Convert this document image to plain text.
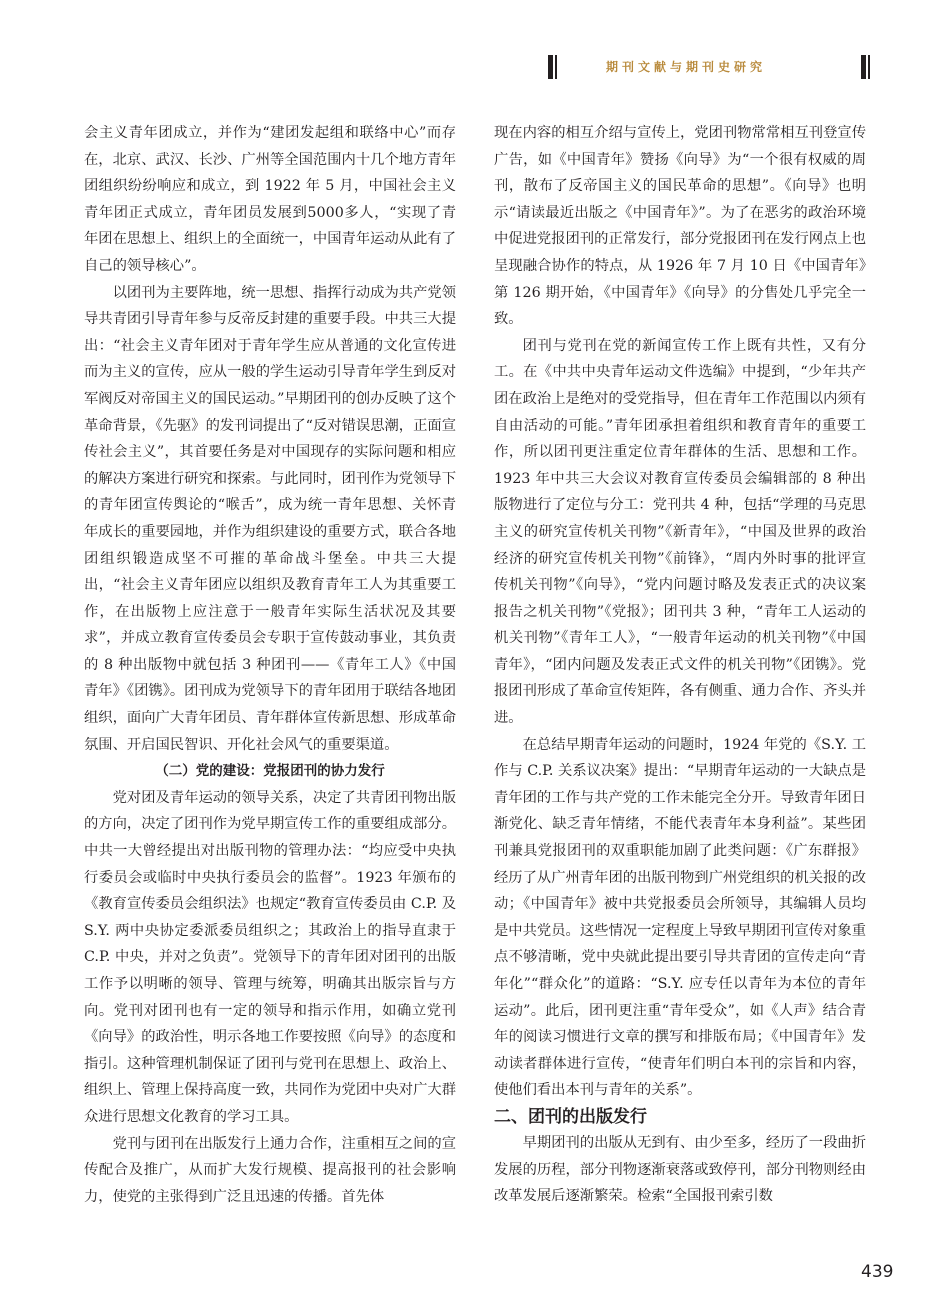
期刊文献与期刊史研究

会主义青年团成立，并作为“建团发起组和联络中心”而存在，北京、武汉、长沙、广州等全国范围内十几个地方青年团组织纷纷响应和成立，到 1922 年 5 月，中国社会主义青年团正式成立，青年团员发展到5000多人，“实现了青年团在思想上、组织上的全面统一，中国青年运动从此有了自己的领导核心”。

以团刊为主要阵地，统一思想、指挥行动成为共产党领导共青团引导青年参与反帝反封建的重要手段。中共三大提出：“社会主义青年团对于青年学生应从普通的文化宣传进而为主义的宣传，应从一般的学生运动引导青年学生到反对军阀反对帝国主义的国民运动。”早期团刊的创办反映了这个革命背景，《先驱》的发刊词提出了“反对错误思潮，正面宣传社会主义”，其首要任务是对中国现存的实际问题和相应的解决方案进行研究和探索。与此同时，团刊作为党领导下的青年团宣传舆论的“喉舌”，成为统一青年思想、关怀青年成长的重要园地，并作为组织建设的重要方式，联合各地团组织锻造成坚不可摧的革命战斗堡垒。中共三大提出，“社会主义青年团应以组织及教育青年工人为其重要工作，在出版物上应注意于一般青年实际生活状况及其要求”，并成立教育宣传委员会专职于宣传鼓动事业，其负责的 8 种出版物中就包括 3 种团刊——《青年工人》《中国青年》《团镌》。团刊成为党领导下的青年团用于联结各地团组织，面向广大青年团员、青年群体宣传新思想、形成革命氛围、开启国民智识、开化社会风气的重要渠道。

（二）党的建设：党报团刊的协力发行

党对团及青年运动的领导关系，决定了共青团刊物出版的方向，决定了团刊作为党早期宣传工作的重要组成部分。中共一大曾经提出对出版刊物的管理办法：“均应受中央执行委员会或临时中央执行委员会的监督”。1923 年颁布的《教育宣传委员会组织法》也规定“教育宣传委员由 C.P. 及 S.Y. 两中央协定委派委员组织之；其政治上的指导直隶于 C.P. 中央，并对之负责”。党领导下的青年团对团刊的出版工作予以明晰的领导、管理与统筹，明确其出版宗旨与方向。党刊对团刊也有一定的领导和指示作用，如确立党刊《向导》的政治性，明示各地工作要按照《向导》的态度和指引。这种管理机制保证了团刊与党刊在思想上、政治上、组织上、管理上保持高度一致，共同作为党团中央对广大群众进行思想文化教育的学习工具。

党刊与团刊在出版发行上通力合作，注重相互之间的宣传配合及推广，从而扩大发行规模、提高报刊的社会影响力，使党的主张得到广泛且迅速的传播。首先体

现在内容的相互介绍与宣传上，党团刊物常常相互刊登宣传广告，如《中国青年》赞扬《向导》为“一个很有权威的周刊，散布了反帝国主义的国民革命的思想”。《向导》也明示“请读最近出版之《中国青年》”。为了在恶劣的政治环境中促进党报团刊的正常发行，部分党报团刊在发行网点上也呈现融合协作的特点，从 1926 年 7 月 10 日《中国青年》第 126 期开始，《中国青年》《向导》的分售处几乎完全一致。

团刊与党刊在党的新闻宣传工作上既有共性，又有分工。在《中共中央青年运动文件选编》中提到，“少年共产团在政治上是绝对的受党指导，但在青年工作范围以内须有自由活动的可能。”青年团承担着组织和教育青年的重要工作，所以团刊更注重定位青年群体的生活、思想和工作。1923 年中共三大会议对教育宣传委员会编辑部的 8 种出版物进行了定位与分工：党刊共 4 种，包括“学理的马克思主义的研究宣传机关刊物”《新青年》，“中国及世界的政治经济的研究宣传机关刊物”《前锋》，“周内外时事的批评宣传机关刊物”《向导》，“党内问题讨略及发表正式的决议案报告之机关刊物”《党报》；团刊共 3 种，“青年工人运动的机关刊物”《青年工人》，“一般青年运动的机关刊物”《中国青年》，“团内问题及发表正式文件的机关刊物”《团镌》。党报团刊形成了革命宣传矩阵，各有侧重、通力合作、齐头并进。

在总结早期青年运动的问题时，1924 年党的《S.Y. 工作与 C.P. 关系议决案》提出：“早期青年运动的一大缺点是青年团的工作与共产党的工作未能完全分开。导致青年团日渐党化、缺乏青年情绪，不能代表青年本身利益”。某些团刊兼具党报团刊的双重职能加剧了此类问题：《广东群报》经历了从广州青年团的出版刊物到广州党组织的机关报的改动；《中国青年》被中共党报委员会所领导，其编辑人员均是中共党员。这些情况一定程度上导致早期团刊宣传对象重点不够清晰，党中央就此提出要引导共青团的宣传走向“青年化”“群众化”的道路：“S.Y. 应专任以青年为本位的青年运动”。此后，团刊更注重“青年受众”，如《人声》结合青年的阅读习惯进行文章的撰写和排版布局；《中国青年》发动读者群体进行宣传，“使青年们明白本刊的宗旨和内容，使他们看出本刊与青年的关系”。

二、团刊的出版发行

早期团刊的出版从无到有、由少至多，经历了一段曲折发展的历程，部分刊物逐渐衰落或致停刊，部分刊物则经由改革发展后逐渐繁荣。检索“全国报刊索引数

439
